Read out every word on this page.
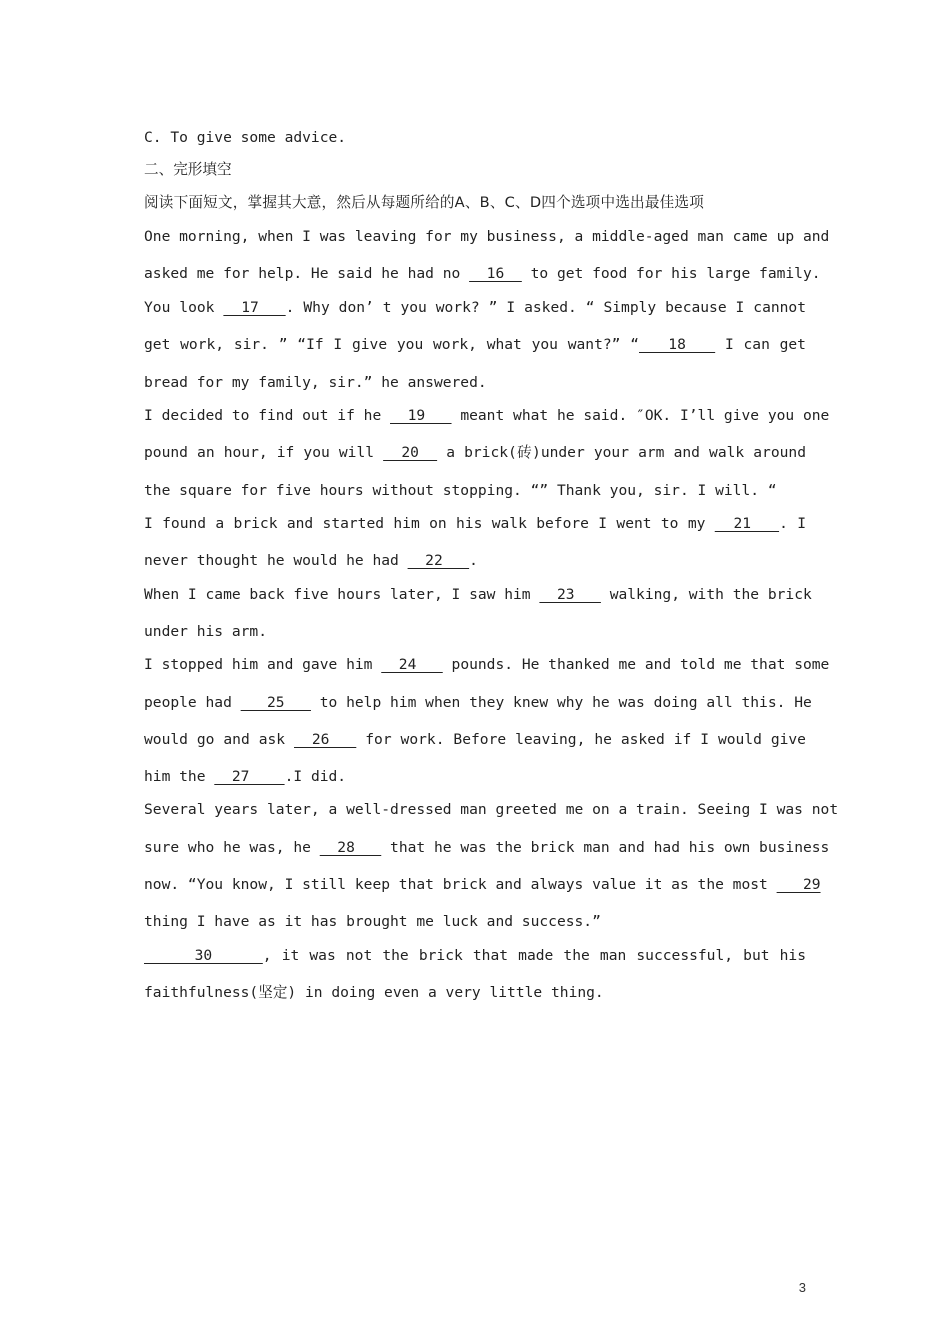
C. To give some advice.
二、完形填空
阅读下面短文，掌握其大意，然后从每题所给的A、B、C、D四个选项中选出最佳选项
One morning, when I was leaving for my business, a middle-aged man came up and
asked me for help. He said he had no   16   to get food for his large family.
You look   17   . Why don’ t you work? ” I asked. “ Simply because I cannot
get work, sir. ” “If I give you work, what you want?” “   18    I can get
bread for my family, sir.” he answered.
I decided to find out if he   19    meant what he said. ″OK. I’ll give you one
pound an hour, if you will   20   a brick(砖)under your arm and walk around
the square for five hours without stopping. “” Thank you, sir. I will. “
I found a brick and started him on his walk before I went to my   21   . I
never thought he would he had   22   .
When I came back five hours later, I saw him   23    walking, with the brick
under his arm.
I stopped him and gave him   24    pounds. He thanked me and told me that some
people had    25    to help him when they knew why he was doing all this. He
would go and ask   26    for work. Before leaving, he asked if I would give
him the   27    .I did.
Several years later, a well-dressed man greeted me on a train. Seeing I was not
sure who he was, he   28    that he was the brick man and had his own business
now. “You know, I still keep that brick and always value it as the most    29
thing I have as it has brought me luck and success.”
30     , it was not the brick that made the man successful, but his
faithfulness(坚定) in doing even a very little thing.
3
